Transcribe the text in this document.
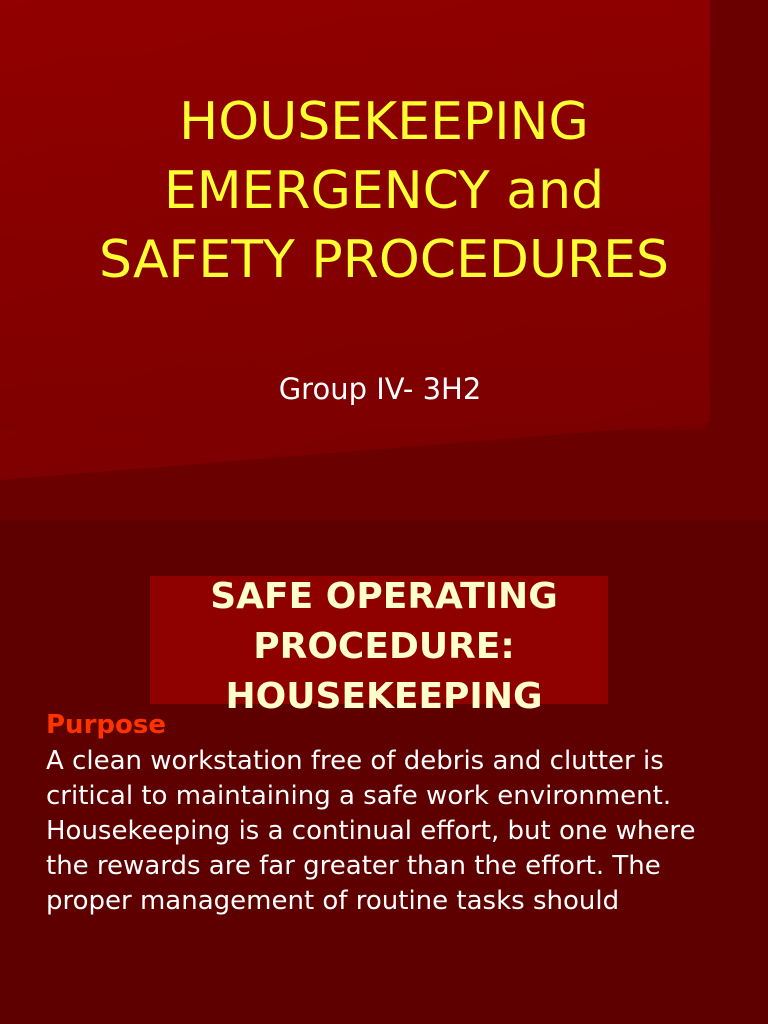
HOUSEKEEPING
EMERGENCY and
SAFETY PROCEDURES

Group IV- 3H2

SAFE OPERATING
PROCEDURE:
HOUSEKEEPING

Purpose

A clean workstation free of debris and clutter is
critical to maintaining a safe work environment.
Housekeeping is a continual effort, but one where
the rewards are far greater than the effort. The
proper management of routine tasks should
